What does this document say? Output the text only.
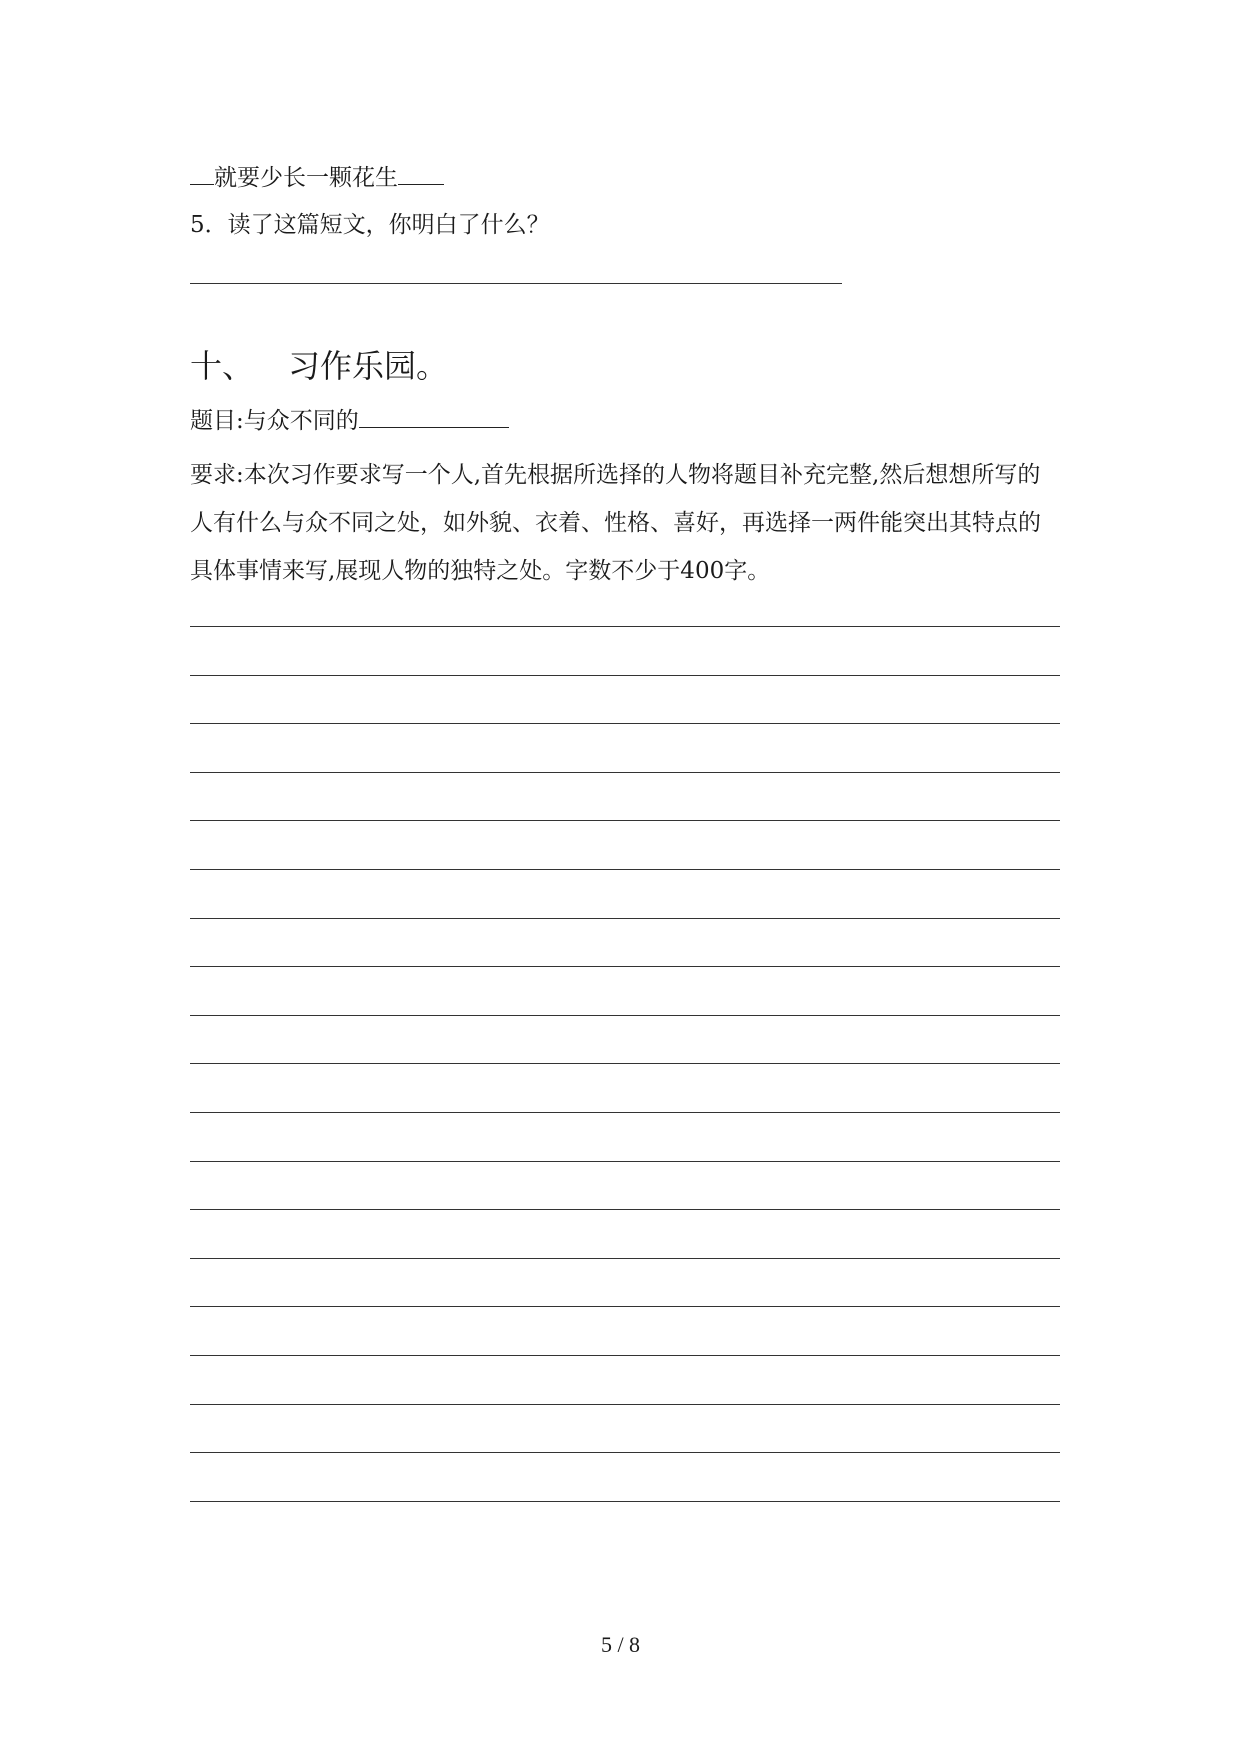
就要少长一颗花生
5．读了这篇短文，你明白了什么？
十、 习作乐园。
题目:与众不同的
要求:本次习作要求写一个人,首先根据所选择的人物将题目补充完整,然后想想所写的人有什么与众不同之处，如外貌、衣着、性格、喜好，再选择一两件能突出其特点的具体事情来写,展现人物的独特之处。字数不少于400字。
5 / 8
